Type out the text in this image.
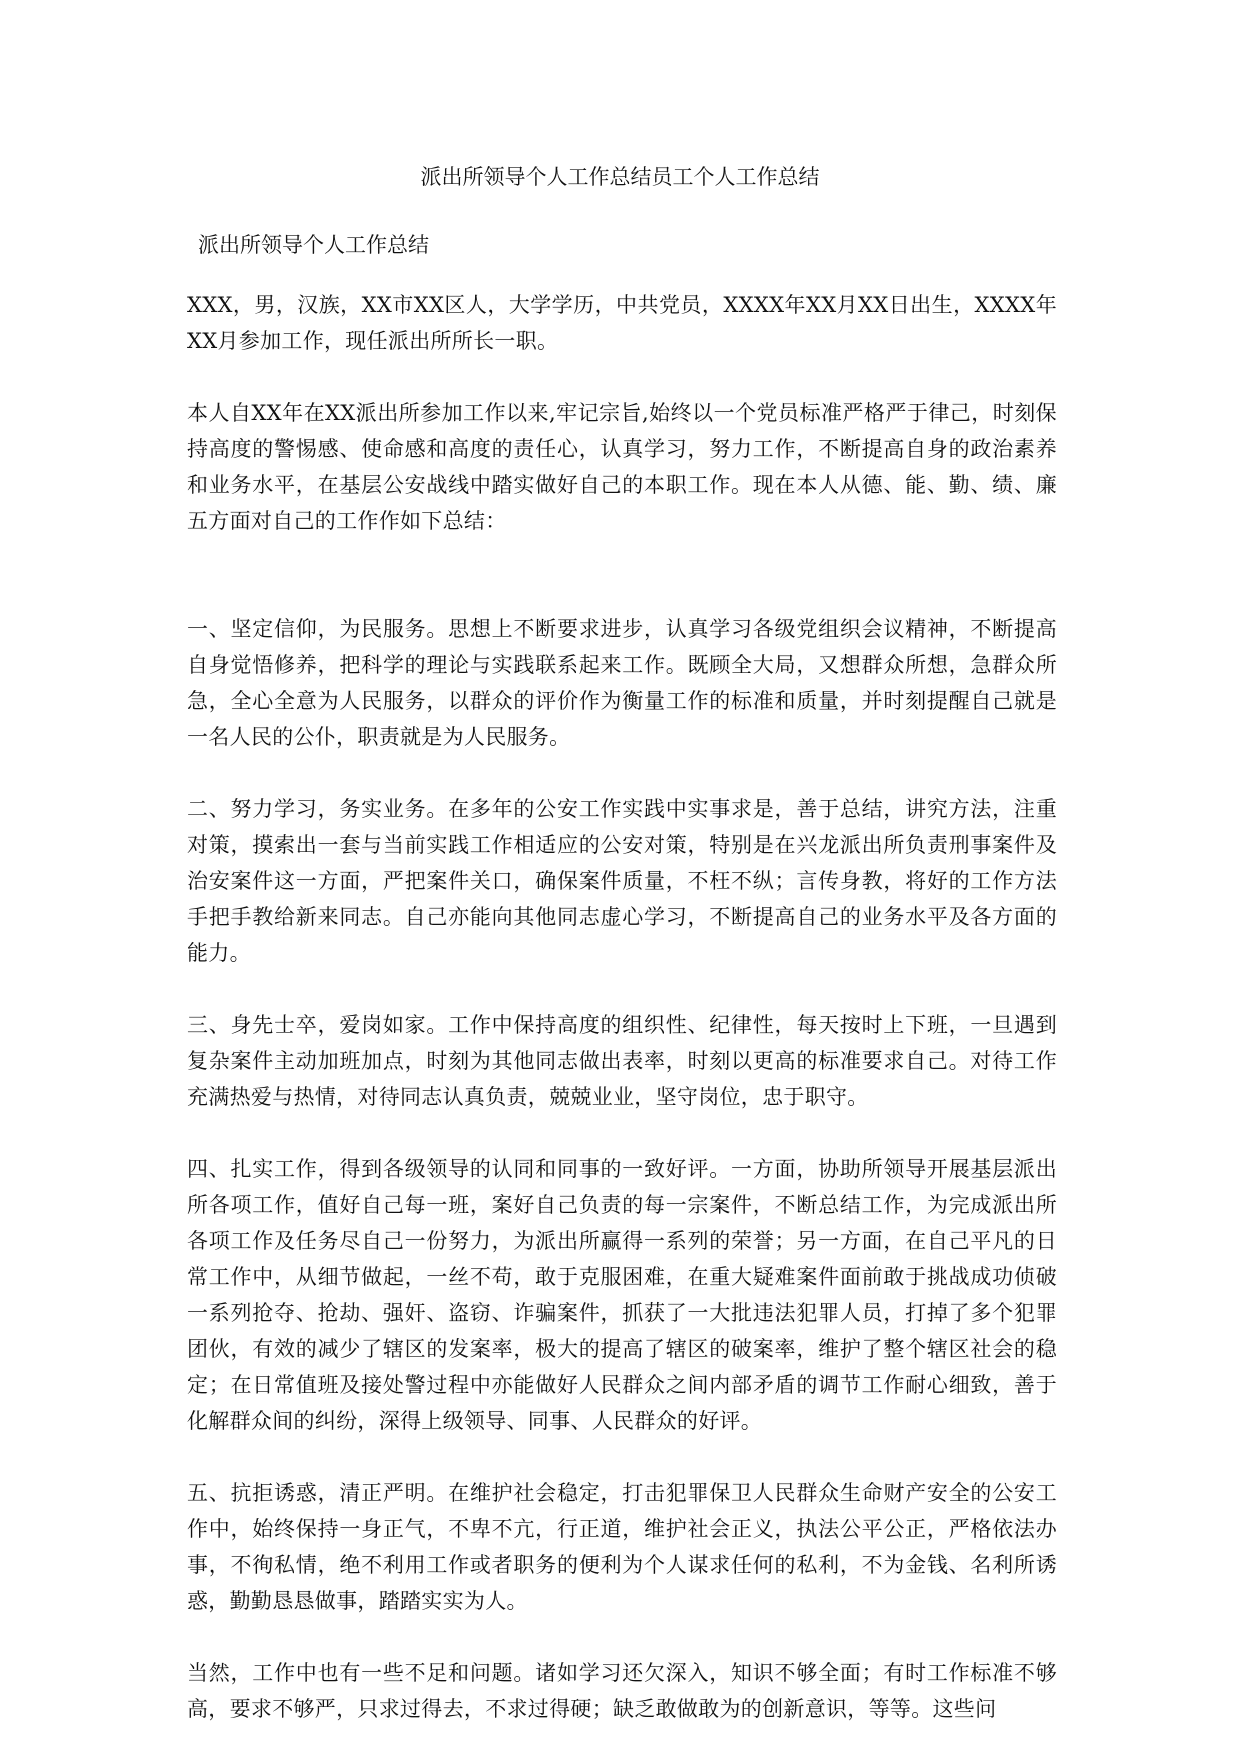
派出所领导个人工作总结员工个人工作总结
派出所领导个人工作总结

XXX，男，汉族，XX市XX区人，大学学历，中共党员，XXXX年XX月XX日出生，XXXX年XX月参加工作，现任派出所所长一职。

本人自XX年在XX派出所参加工作以来,牢记宗旨,始终以一个党员标准严格严于律己，时刻保持高度的警惕感、使命感和高度的责任心，认真学习，努力工作，不断提高自身的政治素养和业务水平，在基层公安战线中踏实做好自己的本职工作。现在本人从德、能、勤、绩、廉五方面对自己的工作作如下总结：

一、坚定信仰，为民服务。思想上不断要求进步，认真学习各级党组织会议精神，不断提高自身觉悟修养，把科学的理论与实践联系起来工作。既顾全大局，又想群众所想，急群众所急，全心全意为人民服务，以群众的评价作为衡量工作的标准和质量，并时刻提醒自己就是一名人民的公仆，职责就是为人民服务。

二、努力学习，务实业务。在多年的公安工作实践中实事求是，善于总结，讲究方法，注重对策，摸索出一套与当前实践工作相适应的公安对策，特别是在兴龙派出所负责刑事案件及治安案件这一方面，严把案件关口，确保案件质量，不枉不纵；言传身教，将好的工作方法手把手教给新来同志。自己亦能向其他同志虚心学习，不断提高自己的业务水平及各方面的能力。

三、身先士卒，爱岗如家。工作中保持高度的组织性、纪律性，每天按时上下班，一旦遇到复杂案件主动加班加点，时刻为其他同志做出表率，时刻以更高的标准要求自己。对待工作充满热爱与热情，对待同志认真负责，兢兢业业，坚守岗位，忠于职守。

四、扎实工作，得到各级领导的认同和同事的一致好评。一方面，协助所领导开展基层派出所各项工作，值好自己每一班，案好自己负责的每一宗案件，不断总结工作，为完成派出所各项工作及任务尽自己一份努力，为派出所赢得一系列的荣誉；另一方面，在自己平凡的日常工作中，从细节做起，一丝不苟，敢于克服困难，在重大疑难案件面前敢于挑战成功侦破一系列抢夺、抢劫、强奸、盗窃、诈骗案件，抓获了一大批违法犯罪人员，打掉了多个犯罪团伙，有效的减少了辖区的发案率，极大的提高了辖区的破案率，维护了整个辖区社会的稳定；在日常值班及接处警过程中亦能做好人民群众之间内部矛盾的调节工作耐心细致，善于化解群众间的纠纷，深得上级领导、同事、人民群众的好评。

五、抗拒诱惑，清正严明。在维护社会稳定，打击犯罪保卫人民群众生命财产安全的公安工作中，始终保持一身正气，不卑不亢，行正道，维护社会正义，执法公平公正，严格依法办事，不徇私情，绝不利用工作或者职务的便利为个人谋求任何的私利，不为金钱、名利所诱惑，勤勤恳恳做事，踏踏实实为人。

当然，工作中也有一些不足和问题。诸如学习还欠深入，知识不够全面；有时工作标准不够高，要求不够严，只求过得去，不求过得硬；缺乏敢做敢为的创新意识，等等。这些问
